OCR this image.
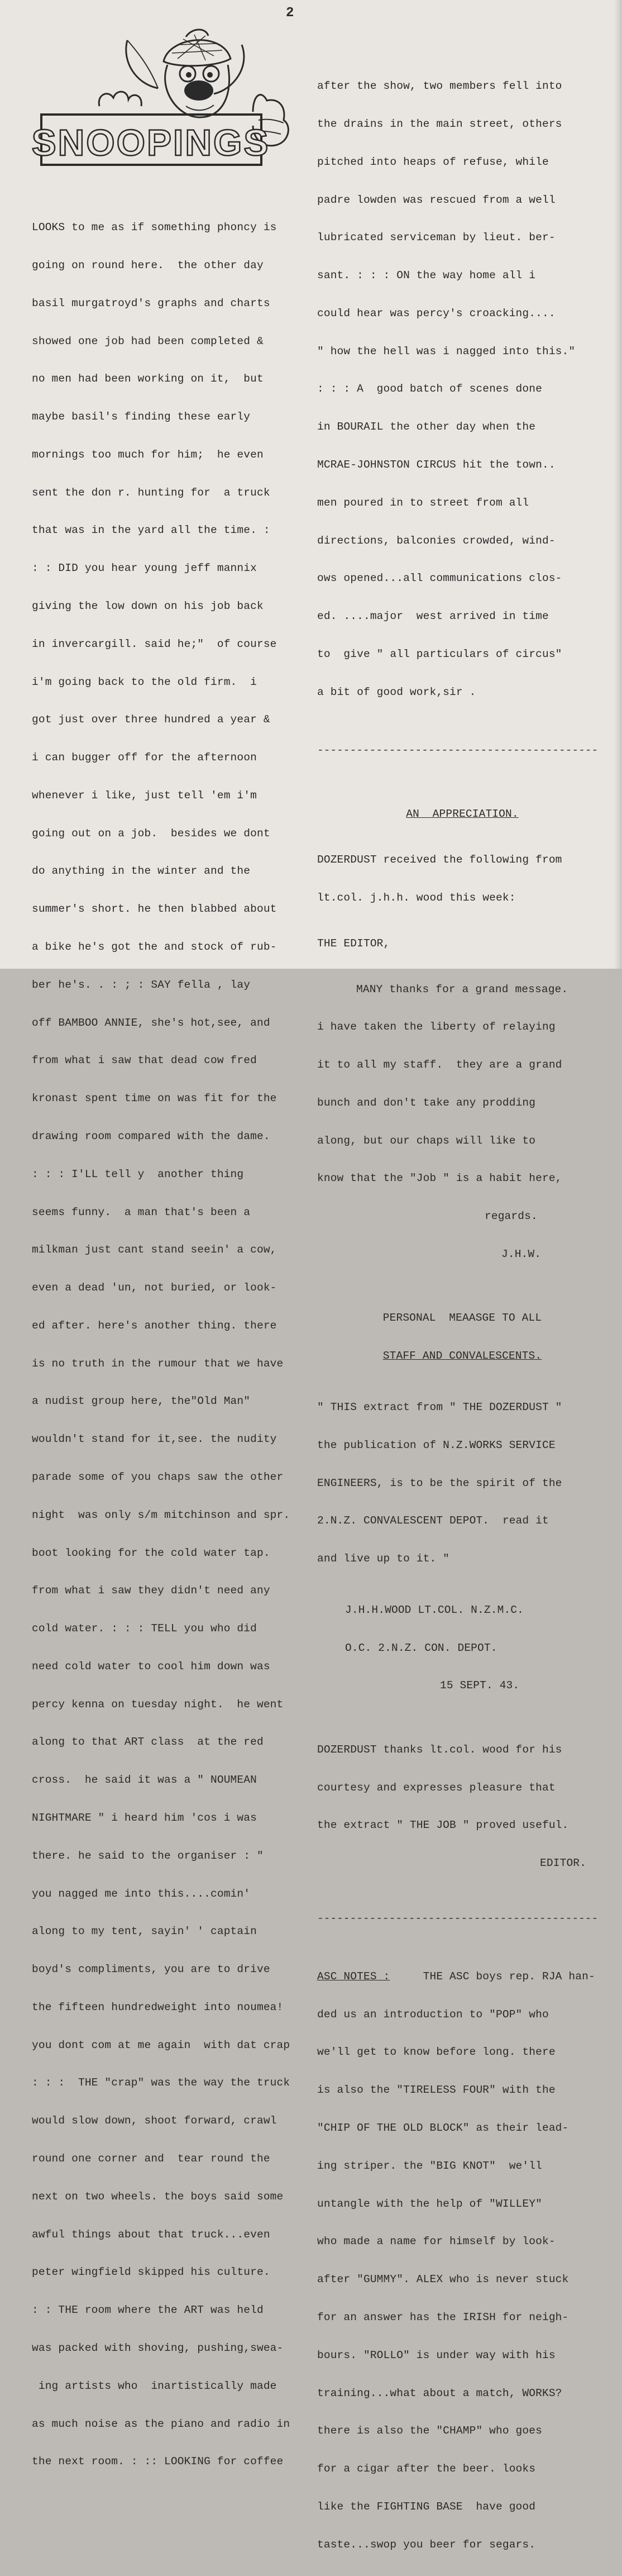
2
SNOOPINGS

LOOKS to me as if something phoncy is

going on round here.  the other day

basil murgatroyd's graphs and charts

showed one job had been completed &

no men had been working on it,  but

maybe basil's finding these early

mornings too much for him;  he even

sent the don r. hunting for  a truck

that was in the yard all the time. :

: : DID you hear young jeff mannix

giving the low down on his job back

in invercargill. said he;"  of course

i'm going back to the old firm.  i

got just over three hundred a year &

i can bugger off for the afternoon

whenever i like, just tell 'em i'm

going out on a job.  besides we dont

do anything in the winter and the

summer's short. he then blabbed about

a bike he's got the and stock of rub-

ber he's. . : ; : SAY fella , lay

off BAMBOO ANNIE, she's hot,see, and

from what i saw that dead cow fred

kronast spent time on was fit for the

drawing room compared with the dame.

: : : I'LL tell y  another thing

seems funny.  a man that's been a

milkman just cant stand seein' a cow,

even a dead 'un, not buried, or look-

ed after. here's another thing. there

is no truth in the rumour that we have

a nudist group here, the"Old Man"

wouldn't stand for it,see. the nudity

parade some of you chaps saw the other

night  was only s/m mitchinson and spr.

boot looking for the cold water tap.

from what i saw they didn't need any

cold water. : : : TELL you who did

need cold water to cool him down was

percy kenna on tuesday night.  he went

along to that ART class  at the red

cross.  he said it was a " NOUMEAN

NIGHTMARE " i heard him 'cos i was

there. he said to the organiser : "

you nagged me into this....comin'

along to my tent, sayin' ' captain

boyd's compliments, you are to drive

the fifteen hundredweight into noumea!

you dont com at me again  with dat crap

: : :  THE "crap" was the way the truck

would slow down, shoot forward, crawl

round one corner and  tear round the

next on two wheels. the boys said some

awful things about that truck...even

peter wingfield skipped his culture.

: : THE room where the ART was held

was packed with shoving, pushing,swea-

ing artists who  inartistically made

as much noise as the piano and radio in

the next room. : :: LOOKING for coffee

after the show, two members fell into

the drains in the main street, others

pitched into heaps of refuse, while

padre lowden was rescued from a well

lubricated serviceman by lieut. ber-

sant. : : : ON the way home all i

could hear was percy's croacking....

" how the hell was i nagged into this."

: : : A  good batch of scenes done

in BOURAIL the other day when the

MCRAE-JOHNSTON CIRCUS hit the town..

men poured in to street from all

directions, balconies crowded, wind-

ows opened...all communications clos-

ed. ....major  west arrived in time

to  give " all particulars of circus"

a bit of good work,sir .

-------------------------------------------

AN  APPRECIATION.

DOZERDUST received the following from

lt.col. j.h.h. wood this week:

THE EDITOR,

MANY thanks for a grand message.

i have taken the liberty of relaying

it to all my staff.  they are a grand

bunch and don't take any prodding

along, but our chaps will like to

know that the "Job " is a habit here,

regards.

J.H.W.

PERSONAL  MEAASGE TO ALL

STAFF AND CONVALESCENTS.

" THIS extract from " THE DOZERDUST "

the publication of N.Z.WORKS SERVICE

ENGINEERS, is to be the spirit of the

2.N.Z. CONVALESCENT DEPOT.  read it

and live up to it. "

J.H.H.WOOD LT.COL. N.Z.M.C.

O.C. 2.N.Z. CON. DEPOT.

15 SEPT. 43.

DOZERDUST thanks lt.col. wood for his

courtesy and expresses pleasure that

the extract " THE JOB " proved useful.

EDITOR.

-------------------------------------------

ASC NOTES :	THE ASC boys rep. RJA han-

ded us an introduction to "POP" who

we'll get to know before long. there

is also the "TIRELESS FOUR" with the

"CHIP OF THE OLD BLOCK" as their lead-

ing striper. the "BIG KNOT"  we'll

untangle with the help of "WILLEY"

who made a name for himself by look-

after "GUMMY". ALEX who is never stuck

for an answer has the IRISH for neigh-

bours. "ROLLO" is under way with his

training...what about a match, WORKS?

there is also the "CHAMP" who goes

for a cigar after the beer. looks

like the FIGHTING BASE  have good

taste...swop you beer for segars.
